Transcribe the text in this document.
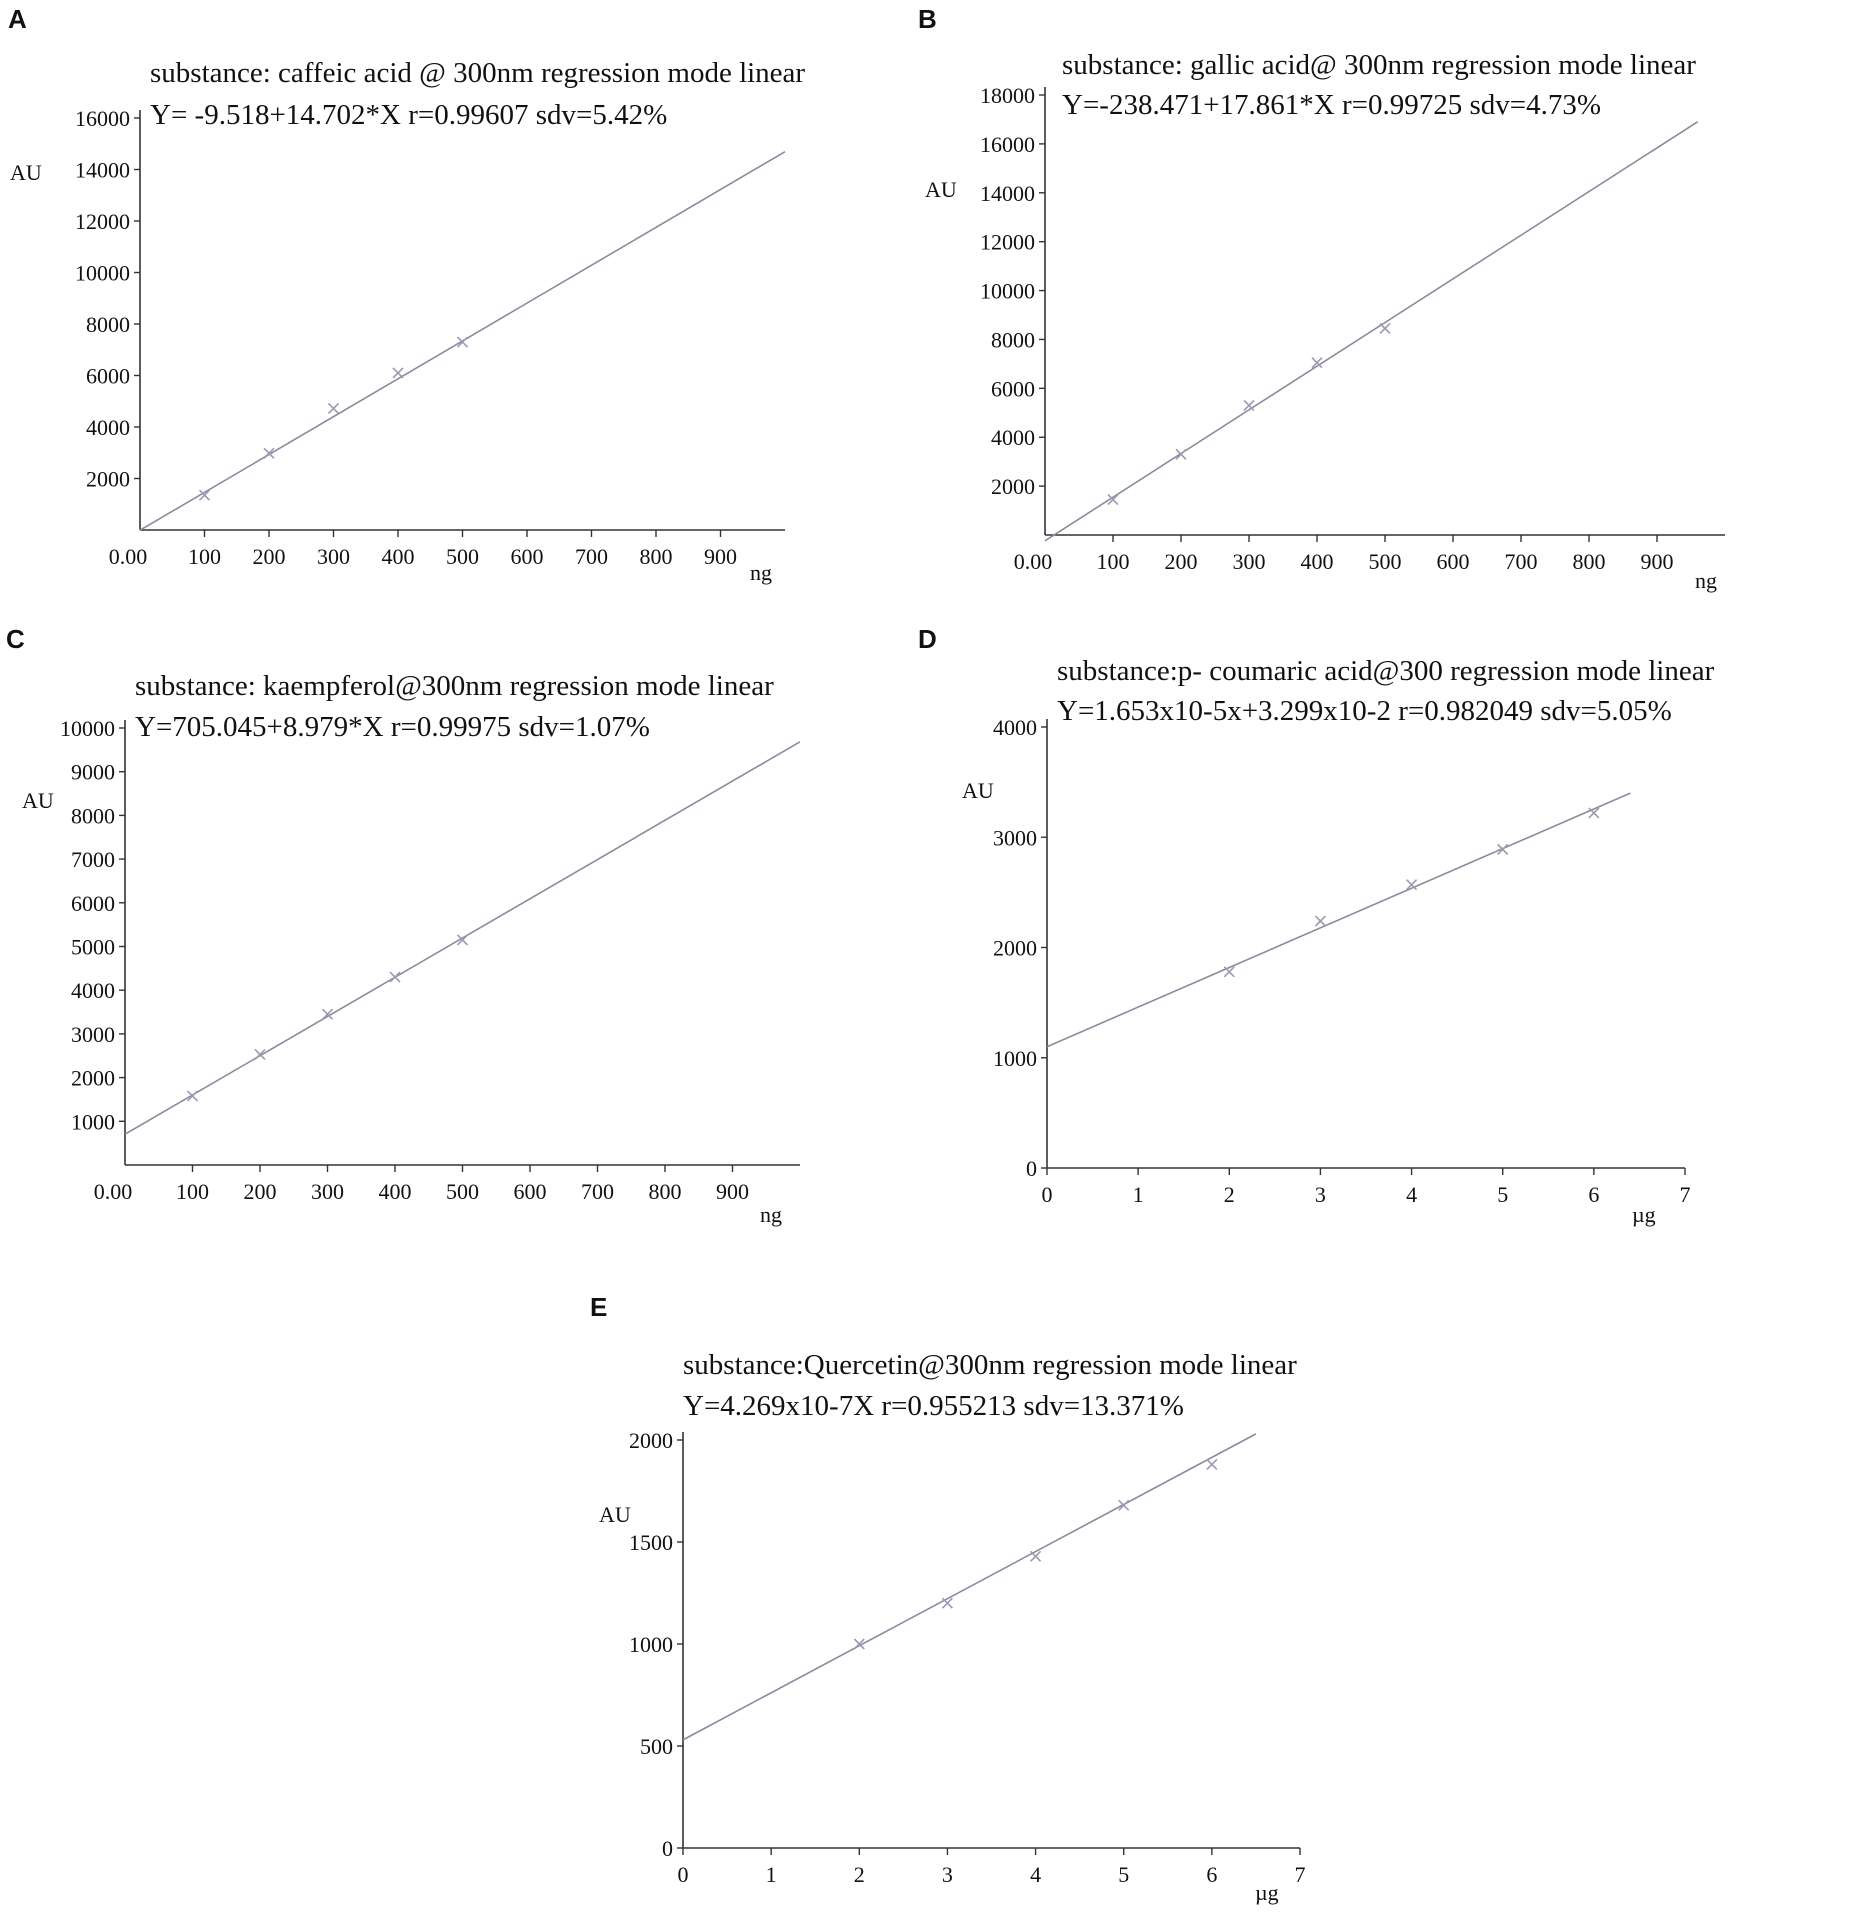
A
substance: caffeic acid @ 300nm regression mode linear
Y= -9.518+14.702*X r=0.99607 sdv=5.42%
2000
4000
6000
8000
10000
12000
14000
16000
100 200 300 400 500 600 700 800 900
0.00
AU
ng
B
substance: gallic acid@ 300nm regression mode linear
Y=-238.471+17.861*X r=0.99725 sdv=4.73%
2000
4000
6000
8000
10000
12000
14000
16000
18000
100 200 300 400 500 600 700 800 900
0.00
AU
ng
C
substance: kaempferol@300nm regression mode linear
Y=705.045+8.979*X r=0.99975 sdv=1.07%
1000
2000
3000
4000
5000
6000
7000
8000
9000
10000
100 200 300 400 500 600 700 800 900
0.00
AU
ng
D
substance:p- coumaric acid@300 regression mode linear
Y=1.653x10-5x+3.299x10-2 r=0.982049 sdv=5.05%
0
1000
2000
3000
4000
0	1	2	3	4	5	6	7
AU
µg
E
substance:Quercetin@300nm regression mode linear
Y=4.269x10-7X r=0.955213 sdv=13.371%
0
500
1000
1500
2000
0	1	2	3	4	5	6	7
AU
µg
